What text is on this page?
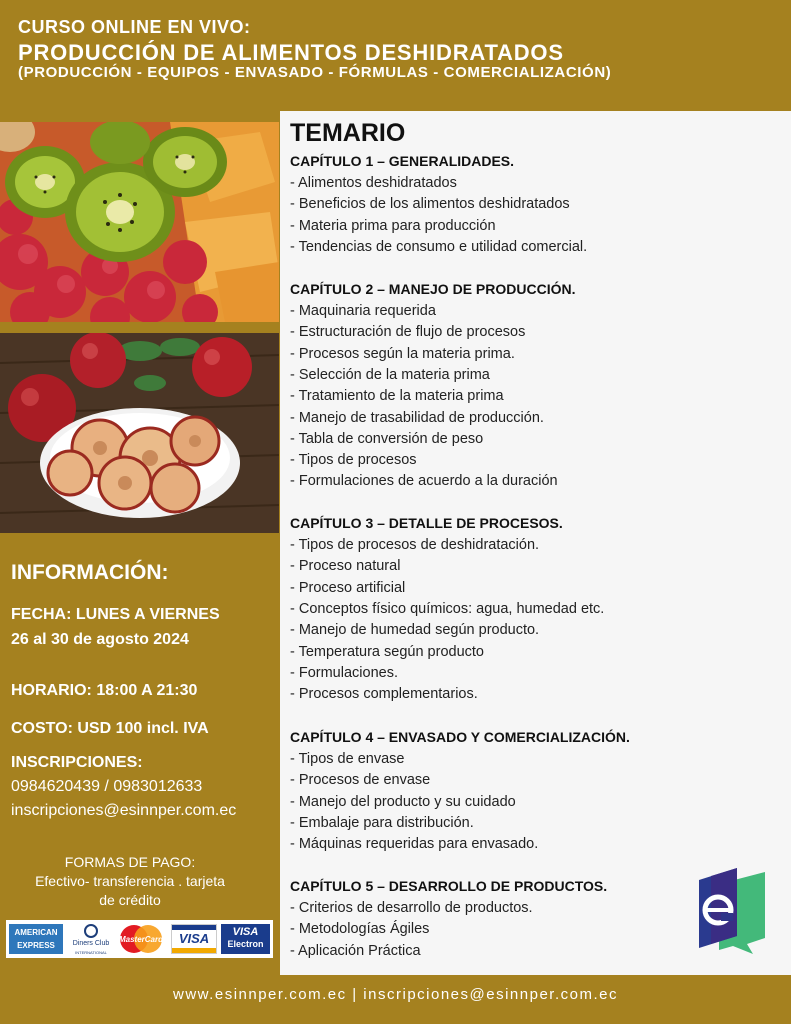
CURSO ONLINE EN VIVO:
PRODUCCIÓN DE ALIMENTOS DESHIDRATADOS
(PRODUCCIÓN - EQUIPOS - ENVASADO - FÓRMULAS - COMERCIALIZACIÓN)
INFORMACIÓN:
FECHA: LUNES A VIERNES
26 al 30 de agosto 2024
HORARIO: 18:00 A 21:30
COSTO: USD 100 incl. IVA
INSCRIPCIONES:
0984620439 / 0983012633
inscripciones@esinnper.com.ec
FORMAS DE PAGO:
Efectivo- transferencia . tarjeta
de crédito
AMERICAN
EXPRESS	Diners Club
INTERNATIONAL
MasterCard	VISA	VISA
Electron
TEMARIO
CAPÍTULO 1 – GENERALIDADES.
- Alimentos deshidratados
- Beneficios de los alimentos deshidratados
- Materia prima para producción
- Tendencias de consumo e utilidad comercial.
CAPÍTULO 2 – MANEJO DE PRODUCCIÓN.
- Maquinaria requerida
- Estructuración de flujo de procesos
- Procesos según la materia prima.
- Selección de la materia prima
- Tratamiento de la materia prima
- Manejo de trasabilidad de producción.
- Tabla de conversión de peso
- Tipos de procesos
- Formulaciones de acuerdo a la duración
CAPÍTULO 3 – DETALLE DE PROCESOS.
- Tipos de procesos de deshidratación.
- Proceso natural
- Proceso artificial
- Conceptos físico químicos: agua, humedad etc.
- Manejo de humedad según producto.
- Temperatura según producto
- Formulaciones.
- Procesos complementarios.
CAPÍTULO 4 – ENVASADO Y COMERCIALIZACIÓN.
- Tipos de envase
- Procesos de envase
- Manejo del producto y su cuidado
- Embalaje para distribución.
- Máquinas requeridas para envasado.
CAPÍTULO 5 – DESARROLLO DE PRODUCTOS.
- Criterios de desarrollo de productos.
- Metodologías Ágiles
- Aplicación Práctica
www.esinnper.com.ec | inscripciones@esinnper.com.ec
